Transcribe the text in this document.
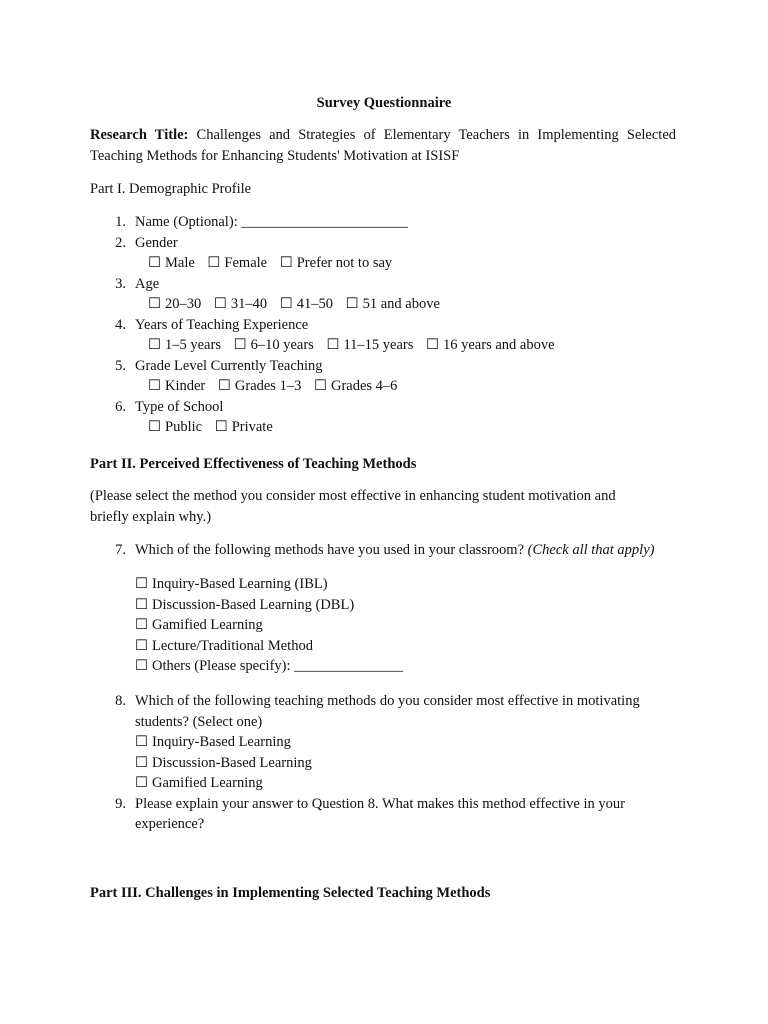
Survey Questionnaire

Research Title: Challenges and Strategies of Elementary Teachers in Implementing Selected Teaching Methods for Enhancing Students' Motivation at ISISF

Part I. Demographic Profile
1. Name (Optional): _______________________
2. Gender
☐ Male ☐ Female ☐ Prefer not to say
3. Age
☐ 20–30 ☐ 31–40 ☐ 41–50 ☐ 51 and above
4. Years of Teaching Experience
☐ 1–5 years ☐ 6–10 years ☐ 11–15 years ☐ 16 years and above
5. Grade Level Currently Teaching
☐ Kinder ☐ Grades 1–3 ☐ Grades 4–6
6. Type of School
☐ Public ☐ Private
Part II. Perceived Effectiveness of Teaching Methods

(Please select the method you consider most effective in enhancing student motivation and briefly explain why.)

7. Which of the following methods have you used in your classroom? (Check all that apply)
☐ Inquiry-Based Learning (IBL)
☐ Discussion-Based Learning (DBL)
☐ Gamified Learning
☐ Lecture/Traditional Method
☐ Others (Please specify): _______________
8. Which of the following teaching methods do you consider most effective in motivating students? (Select one)
☐ Inquiry-Based Learning
☐ Discussion-Based Learning
☐ Gamified Learning
9. Please explain your answer to Question 8. What makes this method effective in your experience?
Part III. Challenges in Implementing Selected Teaching Methods
